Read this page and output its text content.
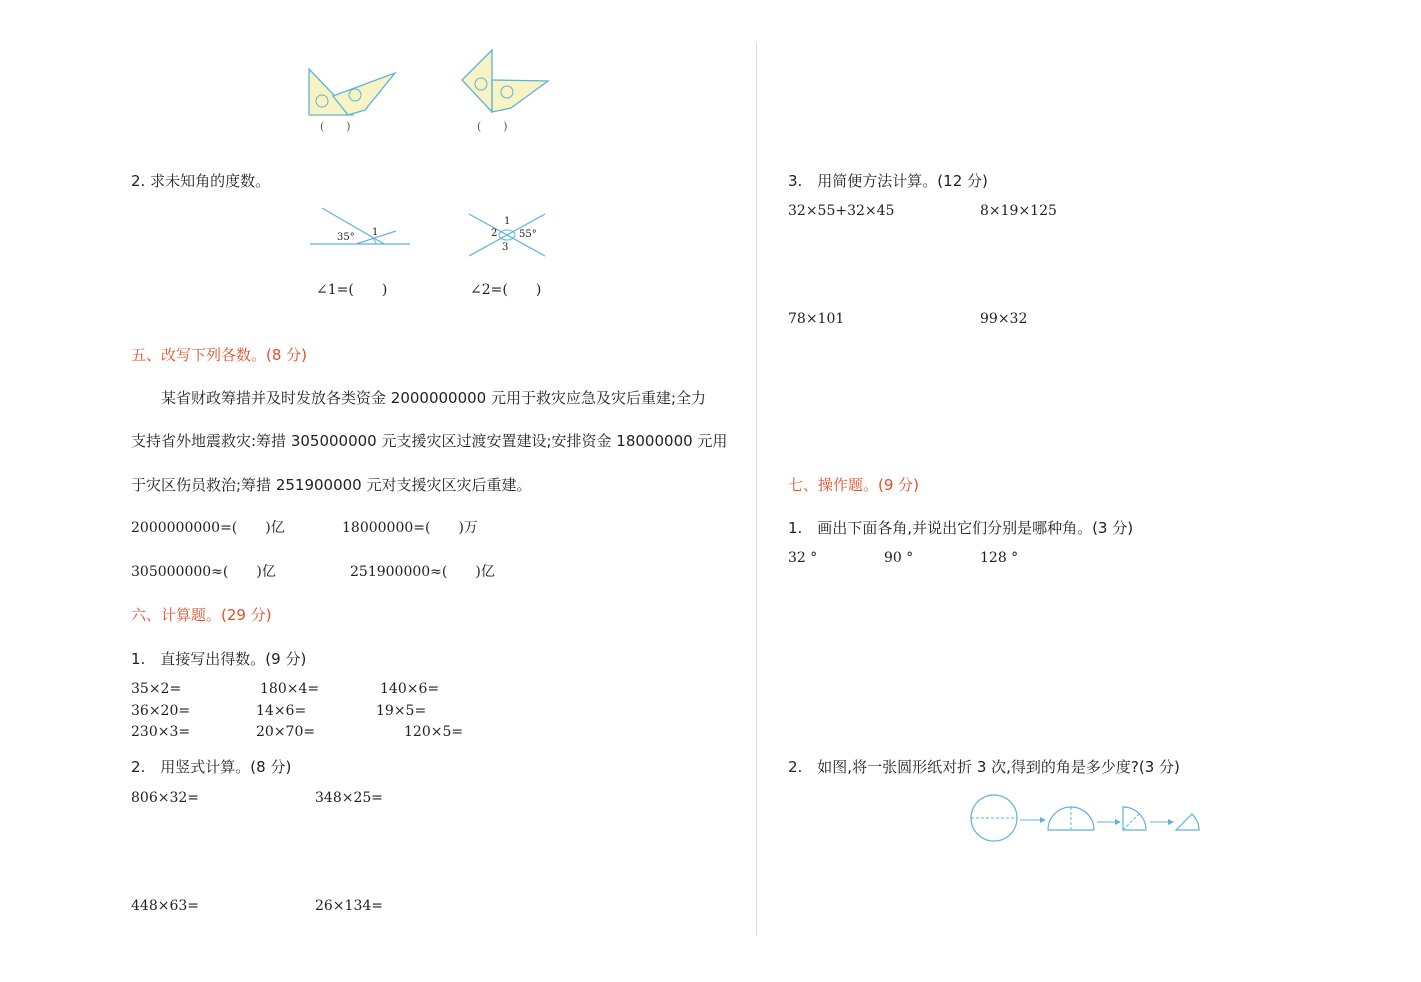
(　　)	(　　)
2. 求未知角的度数。
35° 1
1
2
3
55°
∠1=(　　)	∠2=(　　)
五、改写下列各数。(8 分)
　　某省财政筹措并及时发放各类资金 2000000000 元用于救灾应急及灾后重建;全力
支持省外地震救灾:筹措 305000000 元支援灾区过渡安置建设;安排资金 18000000 元用
于灾区伤员救治;筹措 251900000 元对支援灾区灾后重建。
2000000000=(　　)亿	18000000=(　　)万
305000000≈(　　)亿	251900000≈(　　)亿
六、计算题。(29 分)
1.　直接写出得数。(9 分)
35×2=	180×4=	140×6=
36×20=	14×6=	19×5=
230×3=	20×70=	120×5=
2.　用竖式计算。(8 分)
806×32=	348×25=
448×63=	26×134=
3.　用简便方法计算。(12 分)
32×55+32×45	8×19×125
78×101	99×32
七、操作题。(9 分)
1.　画出下面各角,并说出它们分别是哪种角。(3 分)
32 °	90 °	128 °
2.　如图,将一张圆形纸对折 3 次,得到的角是多少度?(3 分)
